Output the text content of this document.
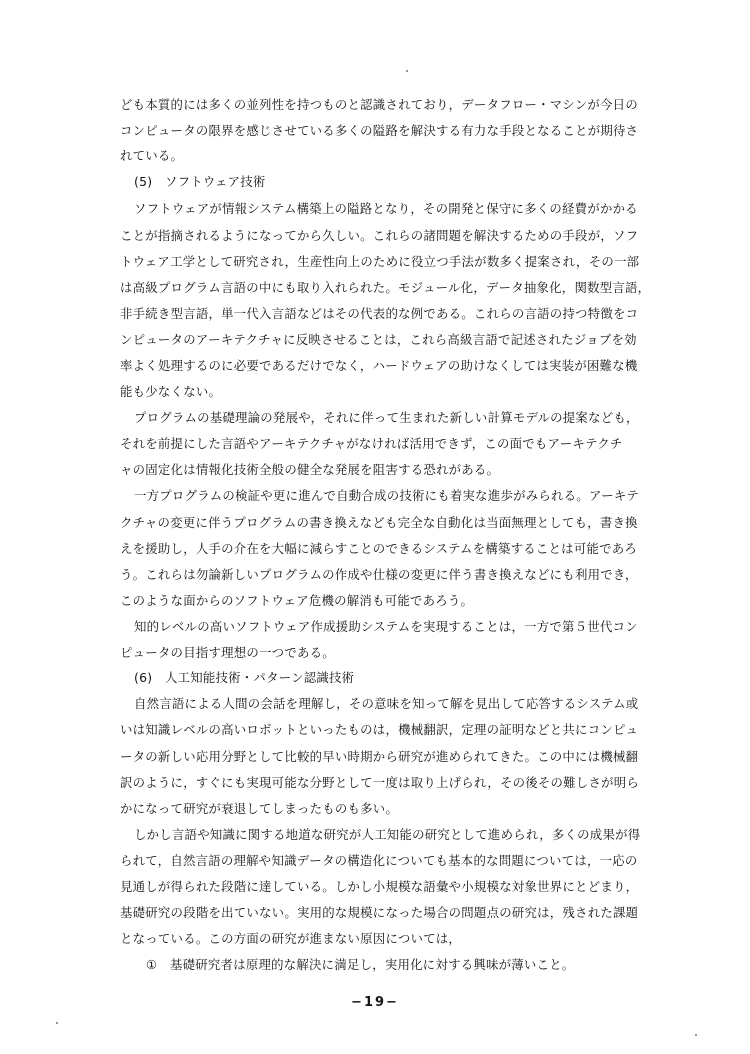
ども本質的には多くの並列性を持つものと認識されており，データフロー・マシンが今日の
コンピュータの限界を感じさせている多くの隘路を解決する有力な手段となることが期待さ
れている。
(5)　ソフトウェア技術
ソフトウェアが情報システム構築上の隘路となり，その開発と保守に多くの経費がかかる
ことが指摘されるようになってから久しい。これらの諸問題を解決するための手段が，ソフ
トウェア工学として研究され，生産性向上のために役立つ手法が数多く提案され，その一部
は高級プログラム言語の中にも取り入れられた。モジュール化，データ抽象化，関数型言語，
非手続き型言語，単一代入言語などはその代表的な例である。これらの言語の持つ特徴をコ
ンピュータのアーキテクチャに反映させることは，これら高級言語で記述されたジョブを効
率よく処理するのに必要であるだけでなく，ハードウェアの助けなくしては実装が困難な機
能も少なくない。
プログラムの基礎理論の発展や，それに伴って生まれた新しい計算モデルの提案なども，
それを前提にした言語やアーキテクチャがなければ活用できず，この面でもアーキテクチ
ャの固定化は情報化技術全般の健全な発展を阻害する恐れがある。
一方プログラムの検証や更に進んで自動合成の技術にも着実な進歩がみられる。アーキテ
クチャの変更に伴うプログラムの書き換えなども完全な自動化は当面無理としても，書き換
えを援助し，人手の介在を大幅に減らすことのできるシステムを構築することは可能であろ
う。これらは勿論新しいプログラムの作成や仕様の変更に伴う書き換えなどにも利用でき，
このような面からのソフトウェア危機の解消も可能であろう。
知的レベルの高いソフトウェア作成援助システムを実現することは，一方で第５世代コン
ピュータの目指す理想の一つである。
(6)　人工知能技術・パターン認識技術
自然言語による人間の会話を理解し，その意味を知って解を見出して応答するシステム或
いは知識レベルの高いロボットといったものは，機械翻訳，定理の証明などと共にコンピュ
ータの新しい応用分野として比較的早い時期から研究が進められてきた。この中には機械翻
訳のように，すぐにも実現可能な分野として一度は取り上げられ，その後その難しさが明ら
かになって研究が衰退してしまったものも多い。
しかし言語や知識に関する地道な研究が人工知能の研究として進められ，多くの成果が得
られて，自然言語の理解や知識データの構造化についても基本的な問題については，一応の
見通しが得られた段階に達している。しかし小規模な語彙や小規模な対象世界にとどまり，
基礎研究の段階を出ていない。実用的な規模になった場合の問題点の研究は，残された課題
となっている。この方面の研究が進まない原因については，
①　基礎研究者は原理的な解決に満足し，実用化に対する興味が薄いこと。
−19−
